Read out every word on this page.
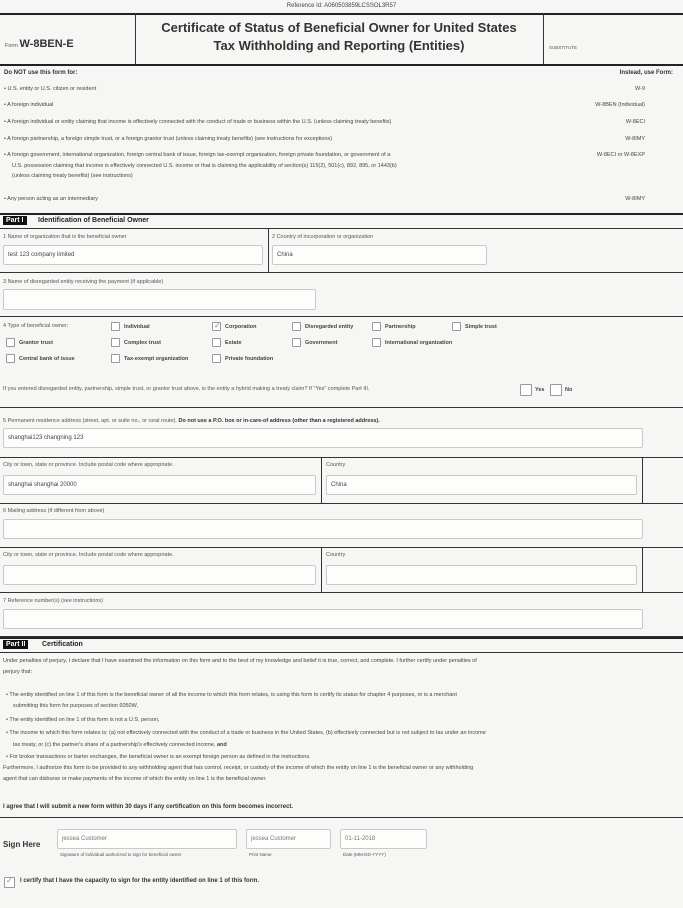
Reference Id: A060503859LCSSOL3R57
Form W-8BEN-E
Certificate of Status of Beneficial Owner for United States
Tax Withholding and Reporting (Entities)	SUBSTITUTE
Do NOT use this form for:	Instead, use Form:
• U.S. entity or U.S. citizen or resident	W-9
• A foreign individual	W-8BEN (Individual)
• A foreign individual or entity claiming that income is effectively connected with the conduct of trade or business within the U.S. (unless claiming treaty benefits)	W-8ECI
• A foreign partnership, a foreign simple trust, or a foreign grantor trust (unless claiming treaty benefits) (see instructions for exceptions)	W-8IMY
• A foreign government, international organization, foreign central bank of issue, foreign tax-exempt organization, foreign private foundation, or government of a	W-8ECI or W-8EXP
U.S. possession claiming that income is effectively connected U.S. income or that is claiming the applicability of section(s) 115(2), 501(c), 892, 895, or 1443(b)
(unless claiming treaty benefits) (see instructions)
• Any person acting as an intermediary	W-8IMY
Part I	Identification of Beneficial Owner
1 Name of organization that is the beneficial owner
test 123 company limited
2 Country of incorporation or organization
China
3 Name of disregarded entity receiving the payment (if applicable)
4 Type of beneficial owner:	Individual
✓	Corporation	Disregarded entity	Partnership	Simple trust
Grantor trust	Complex trust	Estate	Government	International organization
Central bank of issue	Tax-exempt organization	Private foundation
If you entered disregarded entity, partnership, simple trust, or grantor trust above, is the entity a hybrid making a treaty claim? If "Yes" complete Part III.	Yes	No
5 Permanent residence address (street, apt. or suite no., or rural route). Do not use a P.O. box or in-care-of address (other than a registered address).
shanghai123 changning 123
City or town, state or province. Include postal code where appropriate.
shanghai shanghai 20000
Country
China
6 Mailing address (if different from above)
City or town, state or province. Include postal code where appropriate.	Country
7 Reference number(s) (see instructions)
Part II	Certification
Under penalties of perjury, I declare that I have examined the information on this form and to the best of my knowledge and belief it is true, correct, and complete. I further certify under penalties of
perjury that:
• The entity identified on line 1 of this form is the beneficial owner of all the income to which this form relates, is using this form to certify its status for chapter 4 purposes, or is a merchant
submitting this form for purposes of section 6050W,
• The entity identified on line 1 of this form is not a U.S. person,
• The income to which this form relates is: (a) not effectively connected with the conduct of a trade or business in the United States, (b) effectively connected but is not subject to tax under an income
tax treaty, or (c) the partner's share of a partnership's effectively connected income, and
• For broker transactions or barter exchanges, the beneficial owner is an exempt foreign person as defined in the instructions.
Furthermore, I authorize this form to be provided to any withholding agent that has control, receipt, or custody of the income of which the entity on line 1 is the beneficial owner or any withholding
agent that can disburse or make payments of the income of which the entity on line 1 is the beneficial owner.
I agree that I will submit a new form within 30 days if any certification on this form becomes incorrect.
Sign Here
jessea Customer
Signature of individual authorized to sign for beneficial owner
jessea Customer
Print Name
01-11-2018
Date (MM-DD-YYYY)
✓
I certify that I have the capacity to sign for the entity identified on line 1 of this form.
